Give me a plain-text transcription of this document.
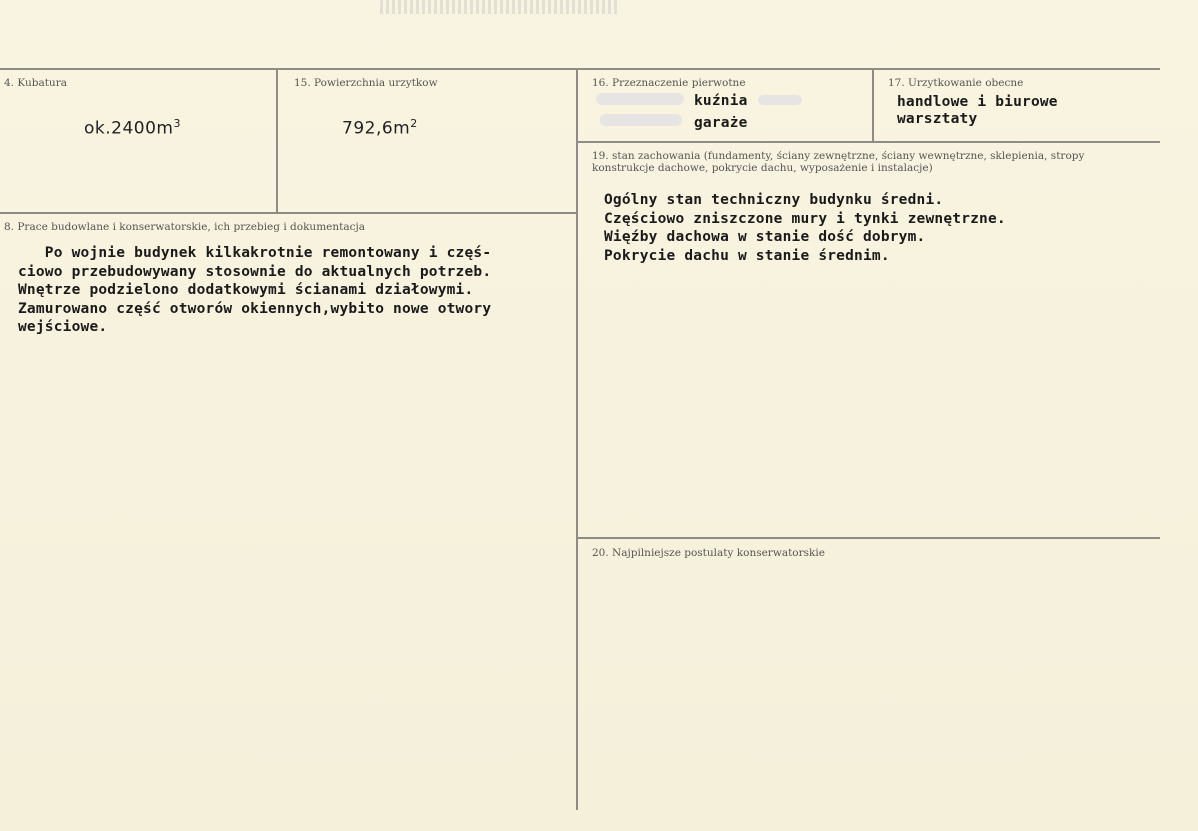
4. Kubatura
$ok.2400m^3$
15. Powierzchnia urzytkow
$792,6m^2$
16. Przeznaczenie pierwotne
kuźnia
garaże
17. Urzytkowanie obecne
handlowe i biurowe
warsztaty
8. Prace budowlane i konserwatorskie, ich przebieg i dokumentacja
Po wojnie budynek kilkakrotnie remontowany i częś-
ciowo przebudowywany stosownie do aktualnych potrzeb.
Wnętrze podzielono dodatkowymi ścianami działowymi.
Zamurowano część otworów okiennych,wybito nowe otwory
wejściowe.
19. stan zachowania (fundamenty, ściany zewnętrzne, ściany wewnętrzne, sklepienia, stropy konstrukcje dachowe, pokrycie dachu, wyposażenie i instalacje)
Ogólny stan techniczny budynku średni.
Częściowo zniszczone mury i tynki zewnętrzne.
Więźby dachowa w stanie dość dobrym.
Pokrycie dachu w stanie średnim.
20. Najpilniejsze postulaty konserwatorskie
